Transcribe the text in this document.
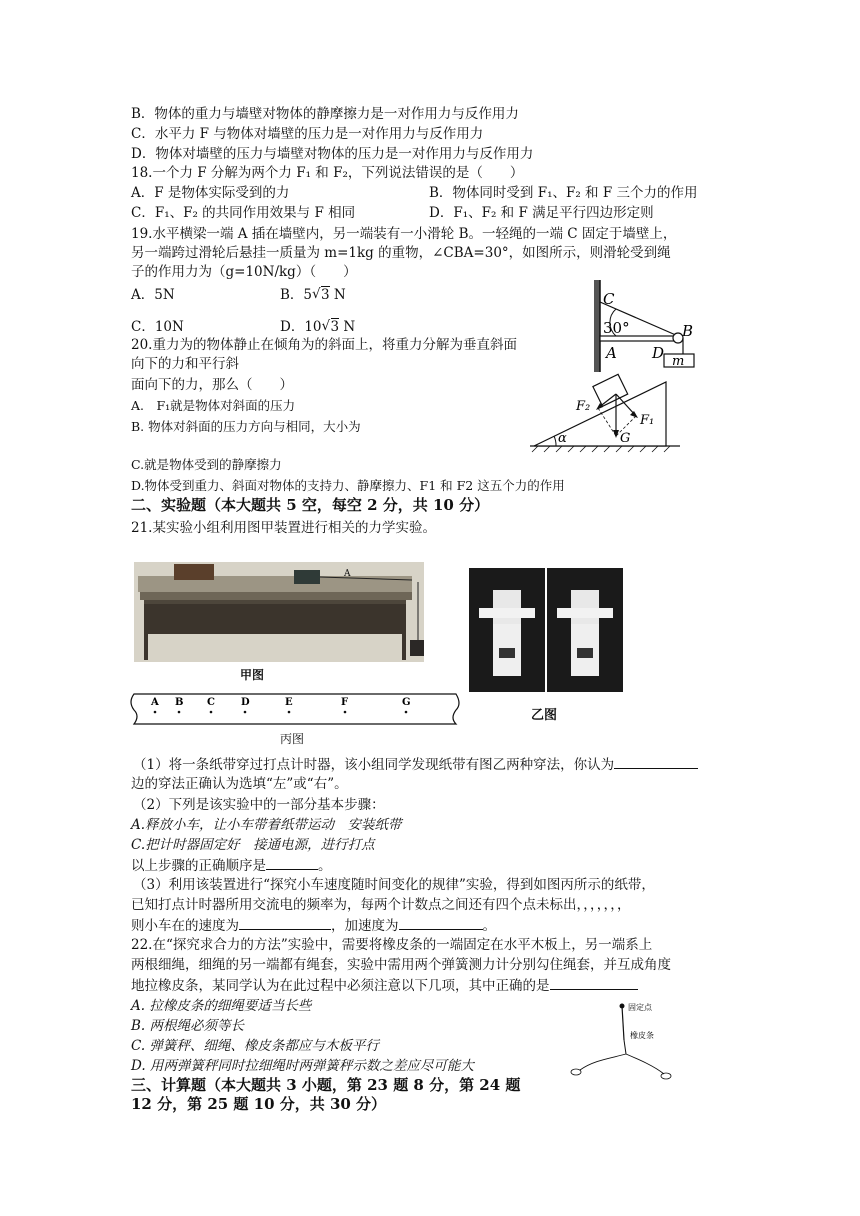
B．物体的重力与墙壁对物体的静摩擦力是一对作用力与反作用力
C．水平力 F 与物体对墙壁的压力是一对作用力与反作用力
D．物体对墙壁的压力与墙壁对物体的压力是一对作用力与反作用力
18.一个力 F 分解为两个力 F₁ 和 F₂，下列说法错误的是（　　）
A．F 是物体实际受到的力	B．物体同时受到 F₁、F₂ 和 F 三个力的作用
C．F₁、F₂ 的共同作用效果与 F 相同	D．F₁、F₂ 和 F 满足平行四边形定则
19.水平横梁一端 A 插在墙壁内，另一端装有一小滑轮 B。一轻绳的一端 C 固定于墙壁上，
另一端跨过滑轮后悬挂一质量为 m=1kg 的重物，∠CBA=30°，如图所示，则滑轮受到绳
子的作用力为（g=10N/kg）（　　）
A．5N	B．5 √ 3 N
C．10N	D．10 √ 3 N
C
30°	B
A D m
20.重力为的物体静止在倾角为的斜面上，将重力分解为垂直斜面
向下的力和平行斜
面向下的力，那么（　　）
A.　F₁就是物体对斜面的压力
B. 物体对斜面的压力方向与相同，大小为
C.就是物体受到的静摩擦力
D.物体受到重力、斜面对物体的支持力、静摩擦力、F1 和 F2 这五个力的作用
F₂
F₁
G
α
二、实验题（本大题共 5 空，每空 2 分，共 10 分）
21.某实验小组利用图甲装置进行相关的力学实验。
A
甲图
乙图
A B C	D	E	F	G
丙图
（1）将一条纸带穿过打点计时器，该小组同学发现纸带有图乙两种穿法，你认为
边的穿法正确认为选填“左”或“右”。
（2）下列是该实验中的一部分基本步骤：
A.释放小车，让小车带着纸带运动　安装纸带
C.把计时器固定好　接通电源，进行打点
以上步骤的正确顺序是	。
（3）利用该装置进行“探究小车速度随时间变化的规律”实验，得到如图丙所示的纸带，
已知打点计时器所用交流电的频率为，每两个计数点之间还有四个点未标出，，，，，，，
则小车在的速度为	，加速度为	。
22.在“探究求合力的方法”实验中，需要将橡皮条的一端固定在水平木板上，另一端系上
两根细绳，细绳的另一端都有绳套，实验中需用两个弹簧测力计分别勾住绳套，并互成角度
地拉橡皮条，某同学认为在此过程中必须注意以下几项，其中正确的是
A. 拉橡皮条的细绳要适当长些
B. 两根绳必须等长
C. 弹簧秤、细绳、橡皮条都应与木板平行
D. 用两弹簧秤同时拉细绳时两弹簧秤示数之差应尽可能大
固定点
橡皮条
三、计算题（本大题共 3 小题，第 23 题 8 分，第 24 题
12 分，第 25 题 10 分，共 30 分）
